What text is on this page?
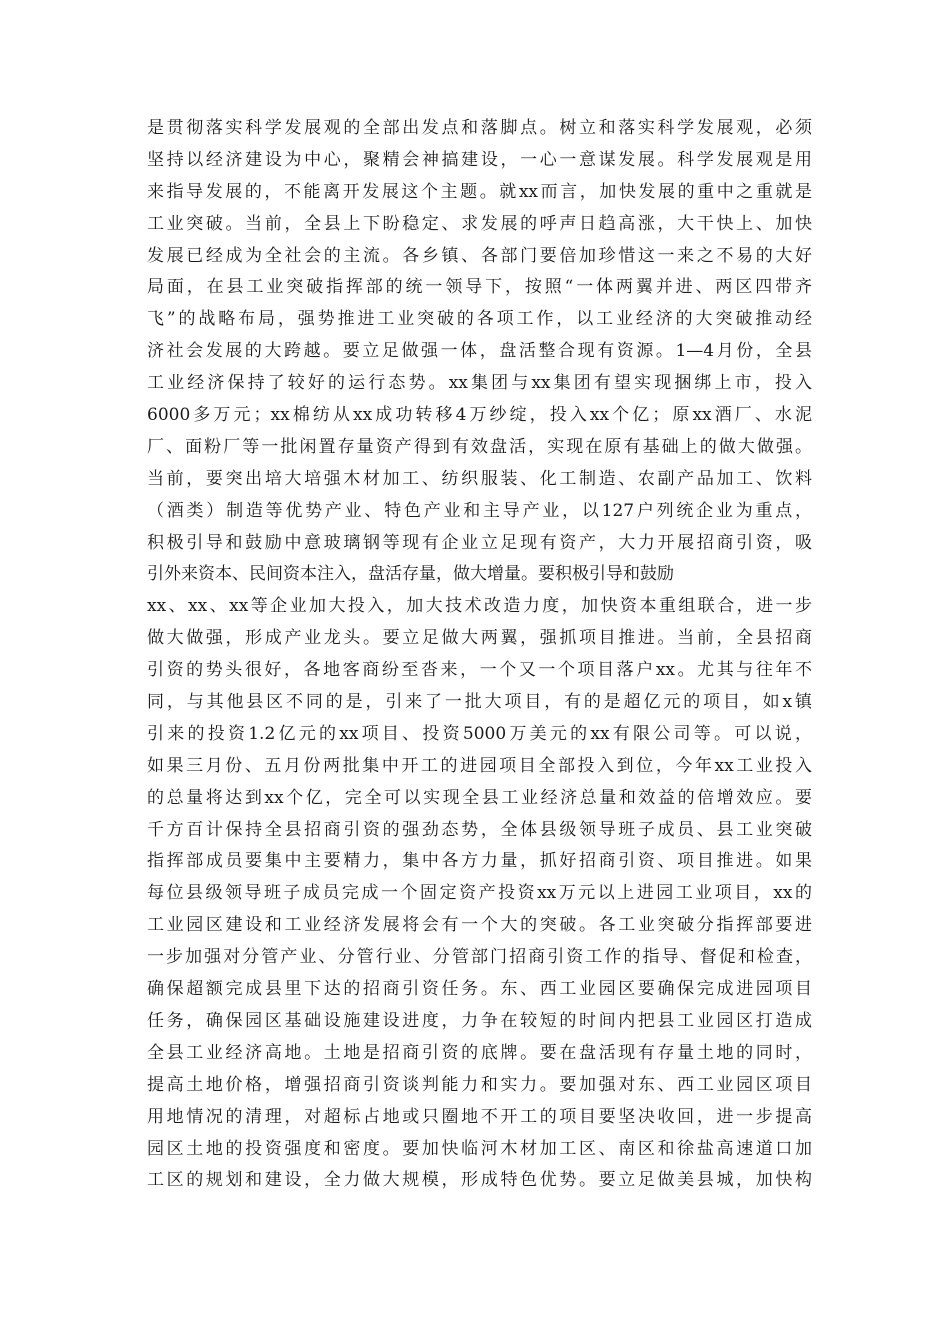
是贯彻落实科学发展观的全部出发点和落脚点。树立和落实科学发展观，必须
坚持以经济建设为中心，聚精会神搞建设，一心一意谋发展。科学发展观是用
来指导发展的，不能离开发展这个主题。就xx而言，加快发展的重中之重就是
工业突破。当前，全县上下盼稳定、求发展的呼声日趋高涨，大干快上、加快
发展已经成为全社会的主流。各乡镇、各部门要倍加珍惜这一来之不易的大好
局面，在县工业突破指挥部的统一领导下，按照“一体两翼并进、两区四带齐
飞”的战略布局，强势推进工业突破的各项工作，以工业经济的大突破推动经
济社会发展的大跨越。要立足做强一体，盘活整合现有资源。1—4月份，全县
工业经济保持了较好的运行态势。xx集团与xx集团有望实现捆绑上市，投入
6000多万元；xx棉纺从xx成功转移4万纱绽，投入xx个亿；原xx酒厂、水泥
厂、面粉厂等一批闲置存量资产得到有效盘活，实现在原有基础上的做大做强。
当前，要突出培大培强木材加工、纺织服装、化工制造、农副产品加工、饮料
（酒类）制造等优势产业、特色产业和主导产业，以127户列统企业为重点，
积极引导和鼓励中意玻璃钢等现有企业立足现有资产，大力开展招商引资，吸
引外来资本、民间资本注入，盘活存量，做大增量。要积极引导和鼓励
xx、xx、xx等企业加大投入，加大技术改造力度，加快资本重组联合，进一步
做大做强，形成产业龙头。要立足做大两翼，强抓项目推进。当前，全县招商
引资的势头很好，各地客商纷至沓来，一个又一个项目落户xx。尤其与往年不
同，与其他县区不同的是，引来了一批大项目，有的是超亿元的项目，如x镇
引来的投资1.2亿元的xx项目、投资5000万美元的xx有限公司等。可以说，
如果三月份、五月份两批集中开工的进园项目全部投入到位，今年xx工业投入
的总量将达到xx个亿，完全可以实现全县工业经济总量和效益的倍增效应。要
千方百计保持全县招商引资的强劲态势，全体县级领导班子成员、县工业突破
指挥部成员要集中主要精力，集中各方力量，抓好招商引资、项目推进。如果
每位县级领导班子成员完成一个固定资产投资xx万元以上进园工业项目，xx的
工业园区建设和工业经济发展将会有一个大的突破。各工业突破分指挥部要进
一步加强对分管产业、分管行业、分管部门招商引资工作的指导、督促和检查，
确保超额完成县里下达的招商引资任务。东、西工业园区要确保完成进园项目
任务，确保园区基础设施建设进度，力争在较短的时间内把县工业园区打造成
全县工业经济高地。土地是招商引资的底牌。要在盘活现有存量土地的同时，
提高土地价格，增强招商引资谈判能力和实力。要加强对东、西工业园区项目
用地情况的清理，对超标占地或只圈地不开工的项目要坚决收回，进一步提高
园区土地的投资强度和密度。要加快临河木材加工区、南区和徐盐高速道口加
工区的规划和建设，全力做大规模，形成特色优势。要立足做美县城，加快构
